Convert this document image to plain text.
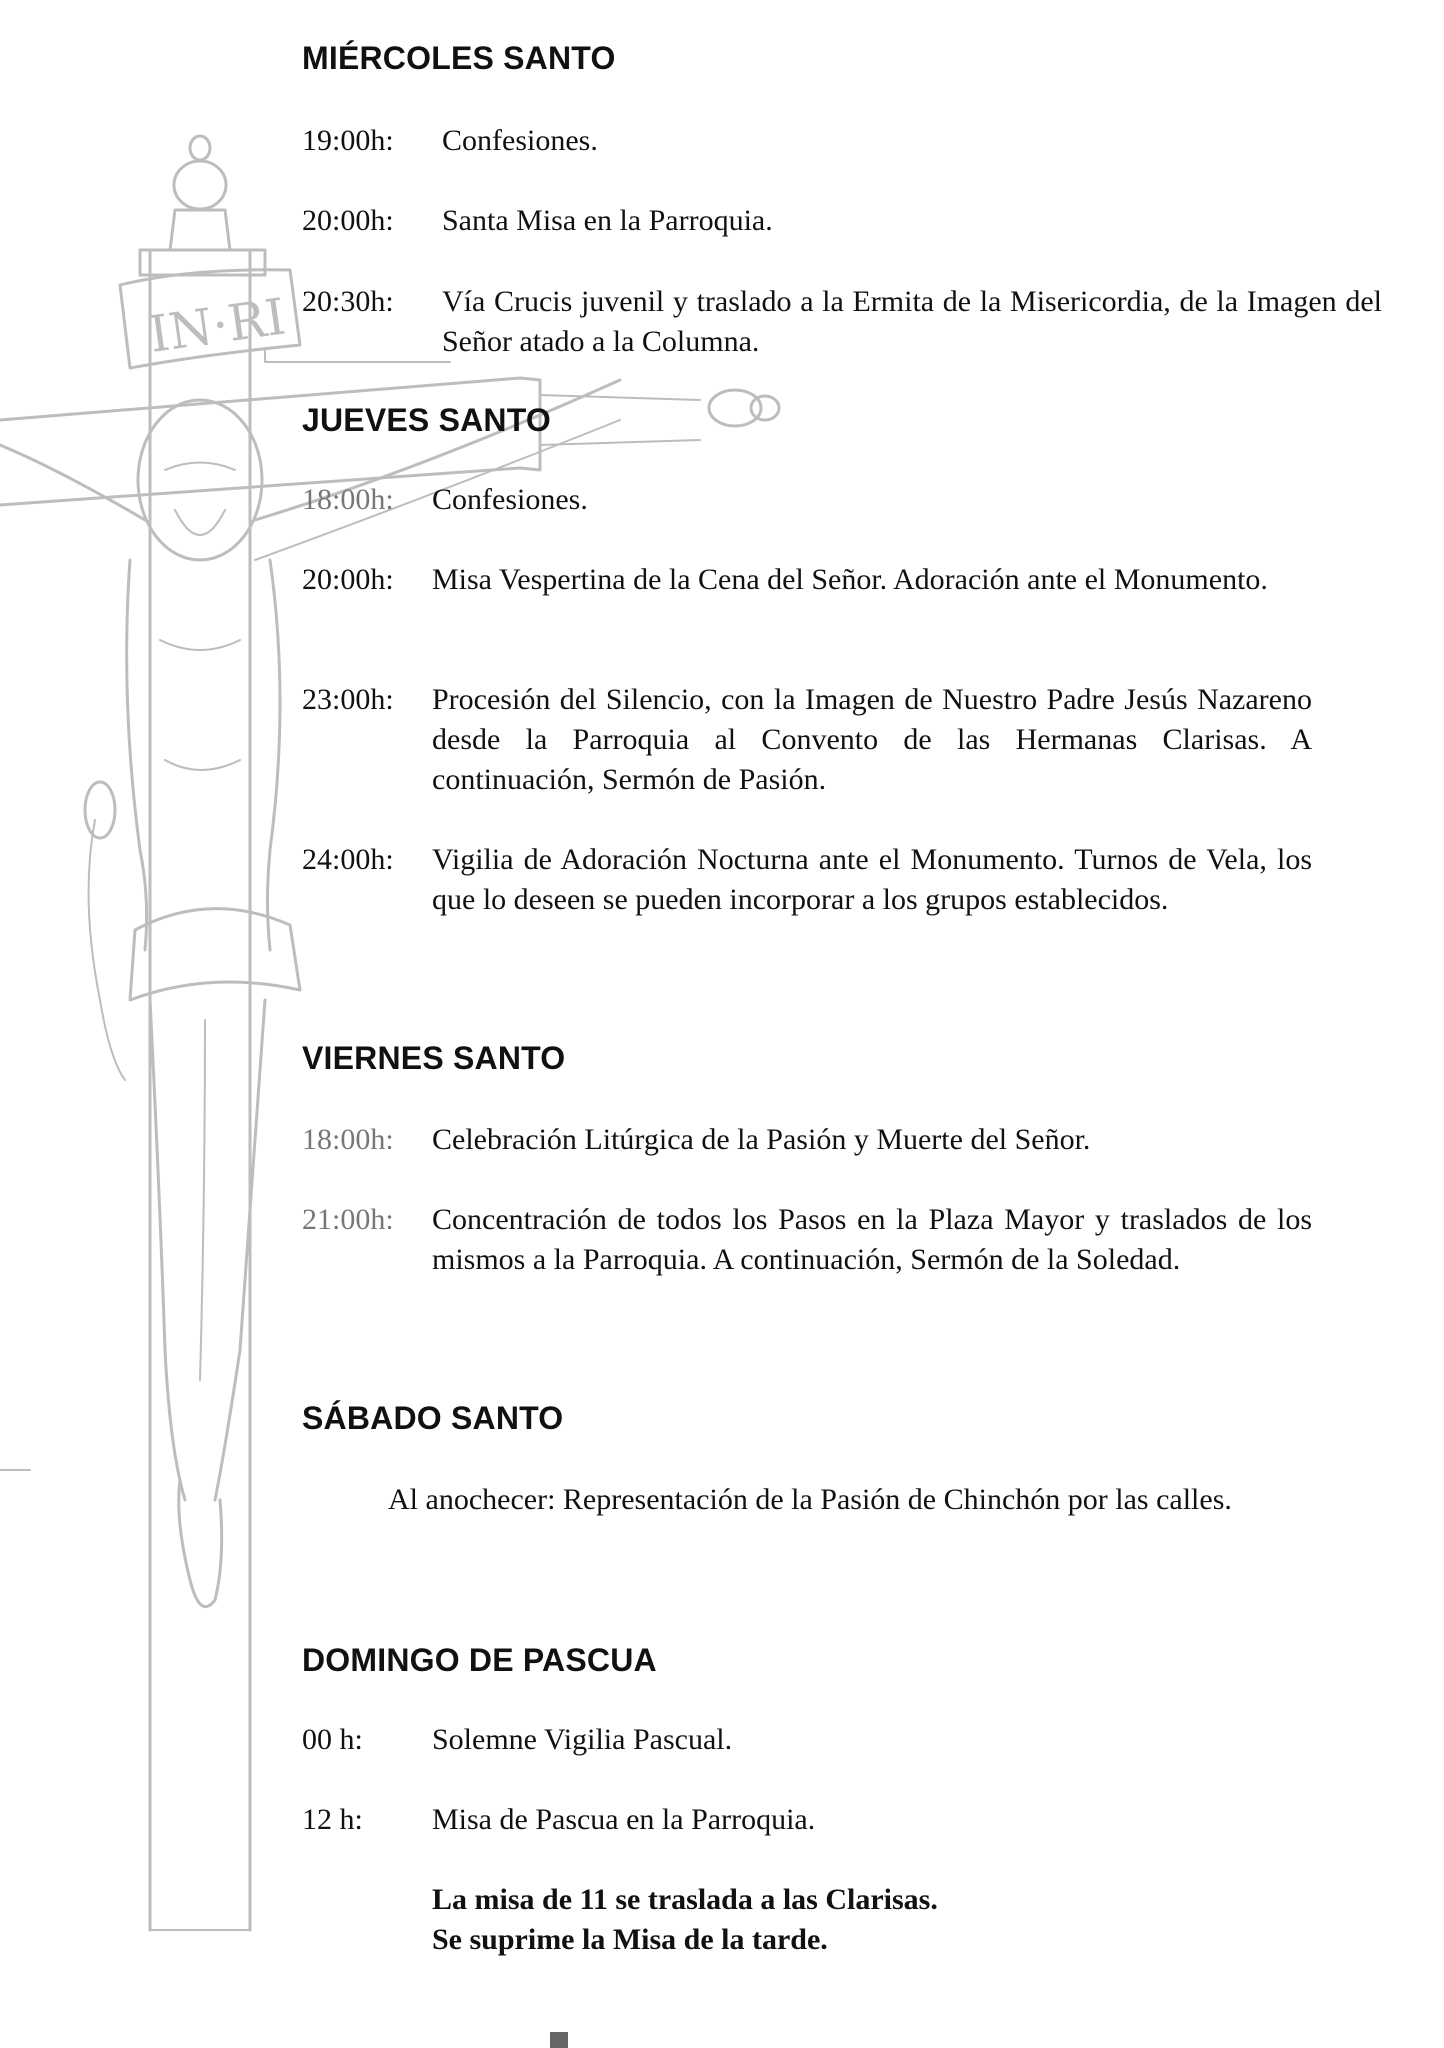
IN·RI
MIÉRCOLES SANTO
19:00h: Confesiones.
20:00h: Santa Misa en la Parroquia.
20:30h: Vía Crucis juvenil y traslado a la Ermita de la Misericordia, de la Imagen del Señor atado a la Columna.
JUEVES SANTO
18:00h: Confesiones.
20:00h: Misa Vespertina de la Cena del Señor. Adoración ante el Monumento.
23:00h: Procesión del Silencio, con la Imagen de Nuestro Padre Jesús Nazareno desde la Parroquia al Convento de las Hermanas Clarisas. A continuación, Sermón de Pasión.
24:00h: Vigilia de Adoración Nocturna ante el Monumento. Turnos de Vela, los que lo deseen se pueden incorporar a los grupos establecidos.
VIERNES SANTO
18:00h: Celebración Litúrgica de la Pasión y Muerte del Señor.
21:00h: Concentración de todos los Pasos en la Plaza Mayor y traslados de los mismos a la Parroquia. A continuación, Sermón de la Soledad.
SÁBADO SANTO

Al anochecer: Representación de la Pasión de Chinchón por las calles.

DOMINGO DE PASCUA
00 h: Solemne Vigilia Pascual.
12 h: Misa de Pascua en la Parroquia.
La misa de 11 se traslada a las Clarisas.
Se suprime la Misa de la tarde.
